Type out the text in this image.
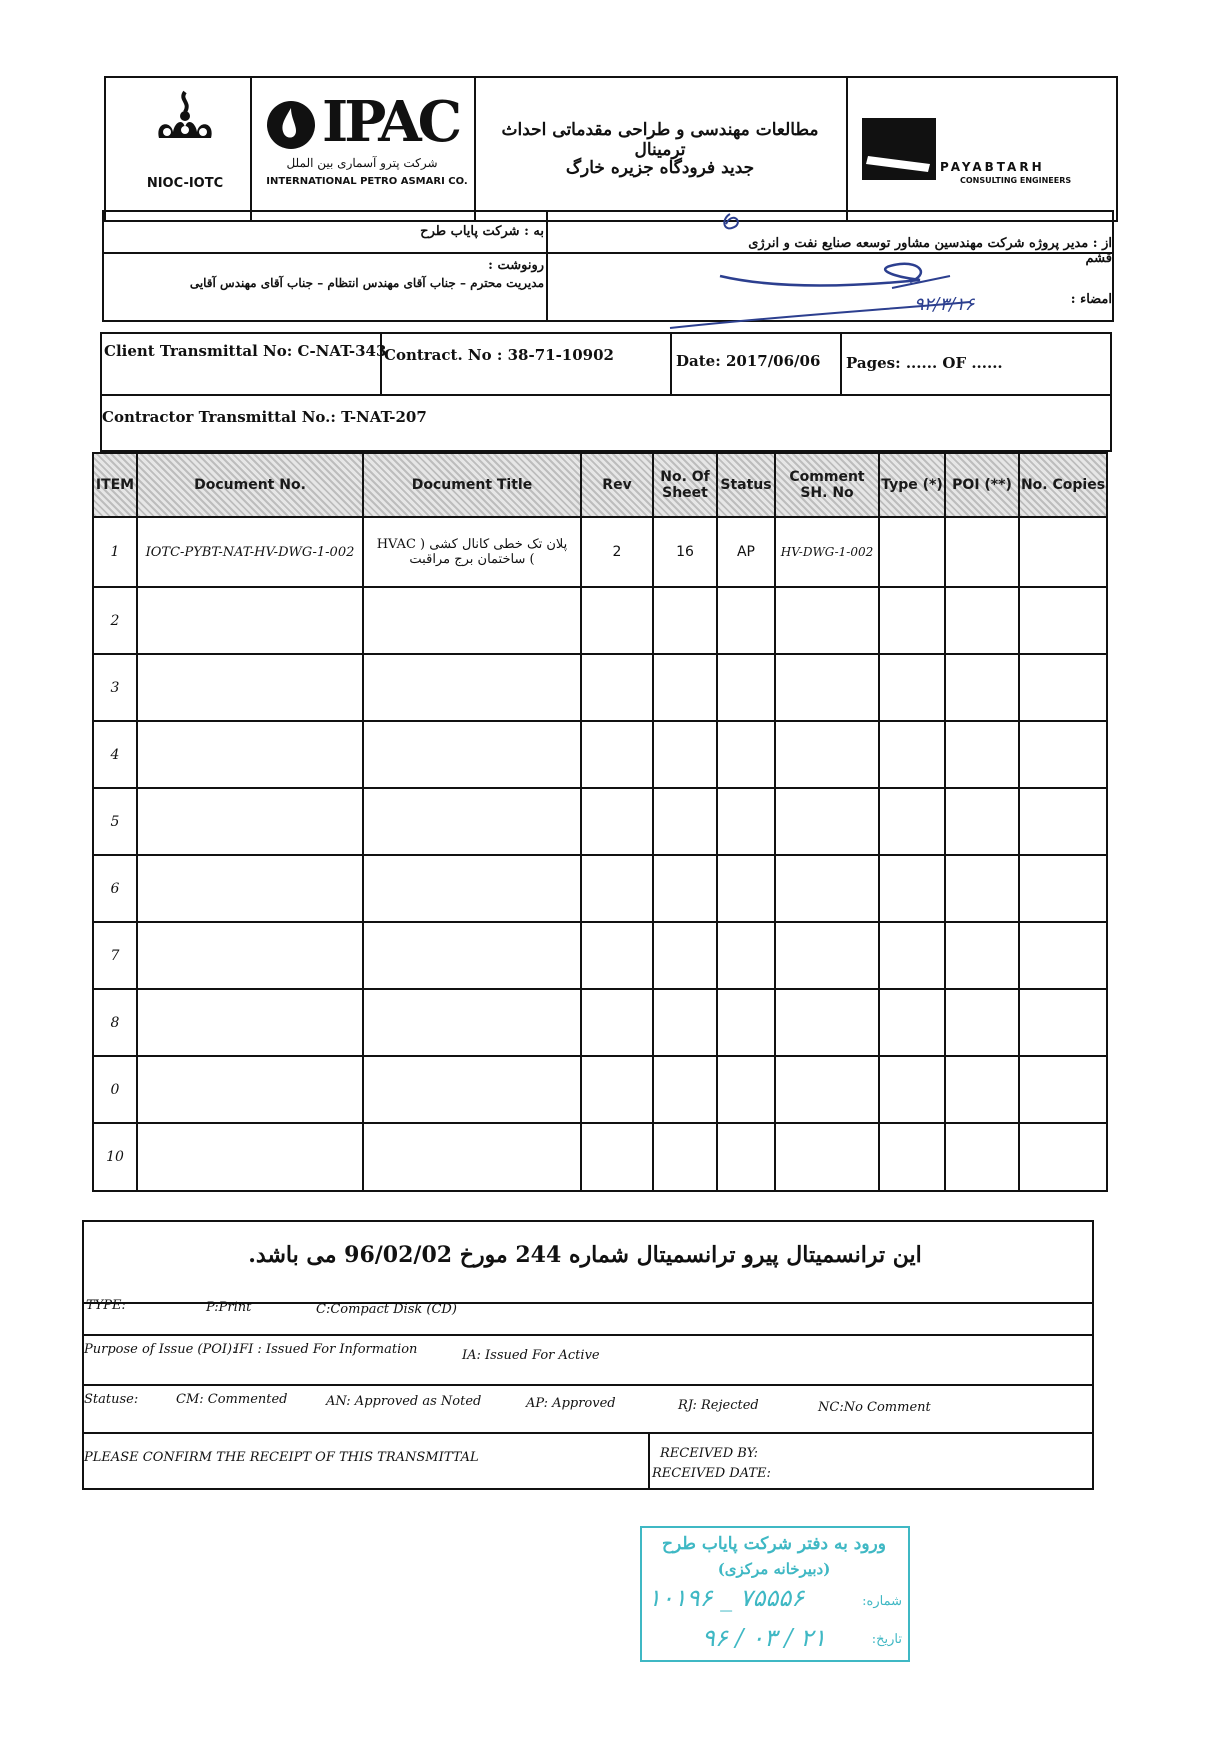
NIOC-IOTC
IPAC
شرکت پترو آسماری بین الملل
INTERNATIONAL PETRO ASMARI CO.
مطالعات مهندسی و طراحی مقدماتی احداث ترمینال
جدید فرودگاه جزیره خارگ	PAYABTARH
CONSULTING ENGINEERS
به : شرکت پایاب طرح
از : مدیر پروژه شرکت مهندسین مشاور توسعه صنایع نفت و انرژی قشم
رونوشت :
مدیریت محترم – جناب آقای مهندس انتظام – جناب آقای مهندس آقایی
امضاء :
۹۲/۳/۱۶
Client Transmittal No: C-NAT-343
Contract. No : 38-71-10902	Date: 2017/06/06 Pages: ...... OF ......
Contractor Transmittal No.: T-NAT-207
ITEM	Document No.	Document Title	Rev	No. Of Sheet	Status	Comment SH. No	Type (*)	POI (**)	No. Copies
1	IOTC-PYBT-NAT-HV-DWG-1-002	پلان تک خطی کانال کشی ( HVAC ) ساختمان برج مراقبت	2	16	AP	HV-DWG-1-002			
2									
3									
4									
5									
6									
7									
8									
0									
10									
این ترانسمیتال پیرو ترانسمیتال شماره 244 مورخ 96/02/02 می باشد.
TYPE:	P:Print	C:Compact Disk (CD)
Purpose of Issue (POI):
IFI : Issued For Information	IA: Issued For Active
Statuse:	CM: Commented	AN: Approved as Noted	AP: Approved	RJ: Rejected	NC:No Comment
PLEASE CONFIRM THE RECEIPT OF THIS TRANSMITTAL	RECEIVED BY:
RECEIVED DATE:
ورود به دفتر شرکت پایاب طرح
(دبیرخانه مرکزی)
شماره:
۱۰۱۹۶ _ ۷۵۵۵۶
تاریخ:
۹۶ / ۰۳ / ۲۱
